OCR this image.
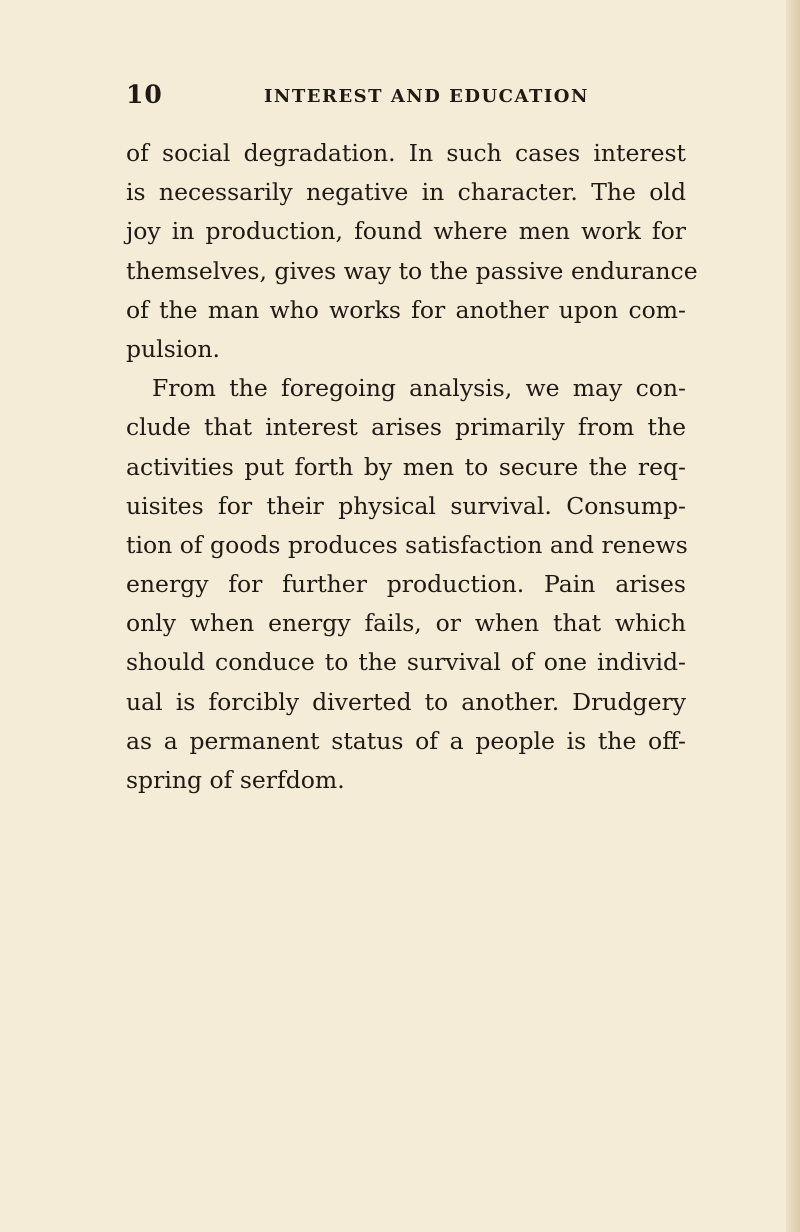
10	INTEREST AND EDUCATION
of social degradation. In such cases interest
is necessarily negative in character. The old
joy in production, found where men work for
themselves, gives way to the passive endurance
of the man who works for another upon com-
pulsion.
From the foregoing analysis, we may con-
clude that interest arises primarily from the
activities put forth by men to secure the req-
uisites for their physical survival. Consump-
tion of goods produces satisfaction and renews
energy for further production. Pain arises
only when energy fails, or when that which
should conduce to the survival of one individ-
ual is forcibly diverted to another. Drudgery
as a permanent status of a people is the off-
spring of serfdom.
